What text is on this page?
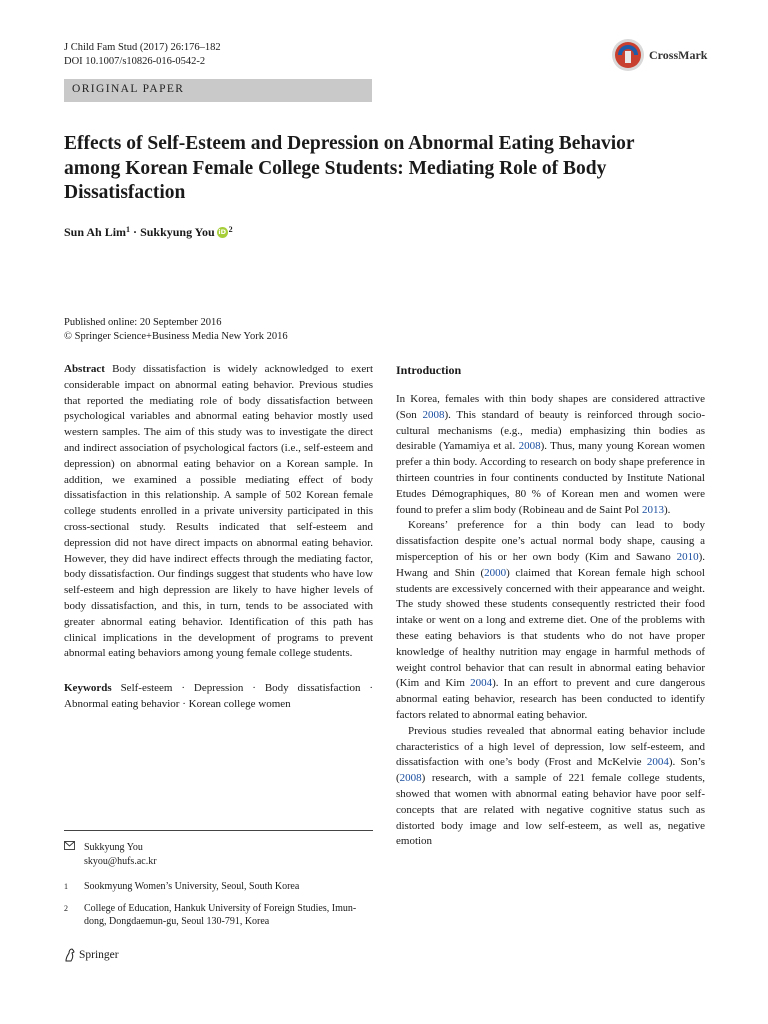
J Child Fam Stud (2017) 26:176–182
DOI 10.1007/s10826-016-0542-2	CrossMark
ORIGINAL PAPER
Effects of Self-Esteem and Depression on Abnormal Eating Behavior among Korean Female College Students: Mediating Role of Body Dissatisfaction
Sun Ah Lim$^1$ · Sukkyung You iD $^2$
Published online: 20 September 2016
© Springer Science+Business Media New York 2016

Abstract Body dissatisfaction is widely acknowledged to exert considerable impact on abnormal eating behavior. Previous studies that reported the mediating role of body dissatisfaction between psychological variables and abnormal eating behavior mostly used western samples. The aim of this study was to investigate the direct and indirect association of psychological factors (i.e., self-esteem and depression) on abnormal eating behavior on a Korean sample. In addition, we examined a possible mediating effect of body dissatisfaction in this relationship. A sample of 502 Korean female college students enrolled in a private university participated in this cross-sectional study. Results indicated that self-esteem and depression did not have direct impacts on abnormal eating behavior. However, they did have indirect effects through the mediating factor, body dissatisfaction. Our findings suggest that students who have low self-esteem and high depression are likely to have higher levels of body dissatisfaction, and this, in turn, tends to be associated with greater abnormal eating behavior. Identification of this path has clinical implications in the development of programs to prevent abnormal eating behaviors among young female college students.

Keywords Self-esteem · Depression · Body dissatisfaction · Abnormal eating behavior · Korean college women

Sukkyung You
skyou@hufs.ac.kr
1	Sookmyung Women’s University, Seoul, South Korea
2	College of Education, Hankuk University of Foreign Studies, Imun-dong, Dongdaemun-gu, Seoul 130-791, Korea
Springer

Introduction

In Korea, females with thin body shapes are considered attractive (Son 2008). This standard of beauty is reinforced through socio-cultural mechanisms (e.g., media) emphasizing thin bodies as desirable (Yamamiya et al. 2008). Thus, many young Korean women prefer a thin body. According to research on body shape preference in thirteen countries in four continents conducted by Institute National Etudes Démographiques, 80 % of Korean men and women were found to prefer a slim body (Robineau and de Saint Pol 2013).

Koreans’ preference for a thin body can lead to body dissatisfaction despite one’s actual normal body shape, causing a misperception of his or her own body (Kim and Sawano 2010). Hwang and Shin (2000) claimed that Korean female high school students are excessively concerned with their appearance and weight. The study showed these students consequently restricted their food intake or went on a long and extreme diet. One of the problems with these eating behaviors is that students who do not have proper knowledge of healthy nutrition may engage in harmful methods of weight control behavior that can result in abnormal eating behavior (Kim and Kim 2004). In an effort to prevent and cure dangerous abnormal eating behavior, research has been conducted to identify factors related to abnormal eating behavior.

Previous studies revealed that abnormal eating behavior include characteristics of a high level of depression, low self-esteem, and dissatisfaction with one’s body (Frost and McKelvie 2004). Son’s (2008) research, with a sample of 221 female college students, showed that women with abnormal eating behavior have poor self-concepts that are related with negative cognitive status such as distorted body image and low self-esteem, as well as, negative emotion
